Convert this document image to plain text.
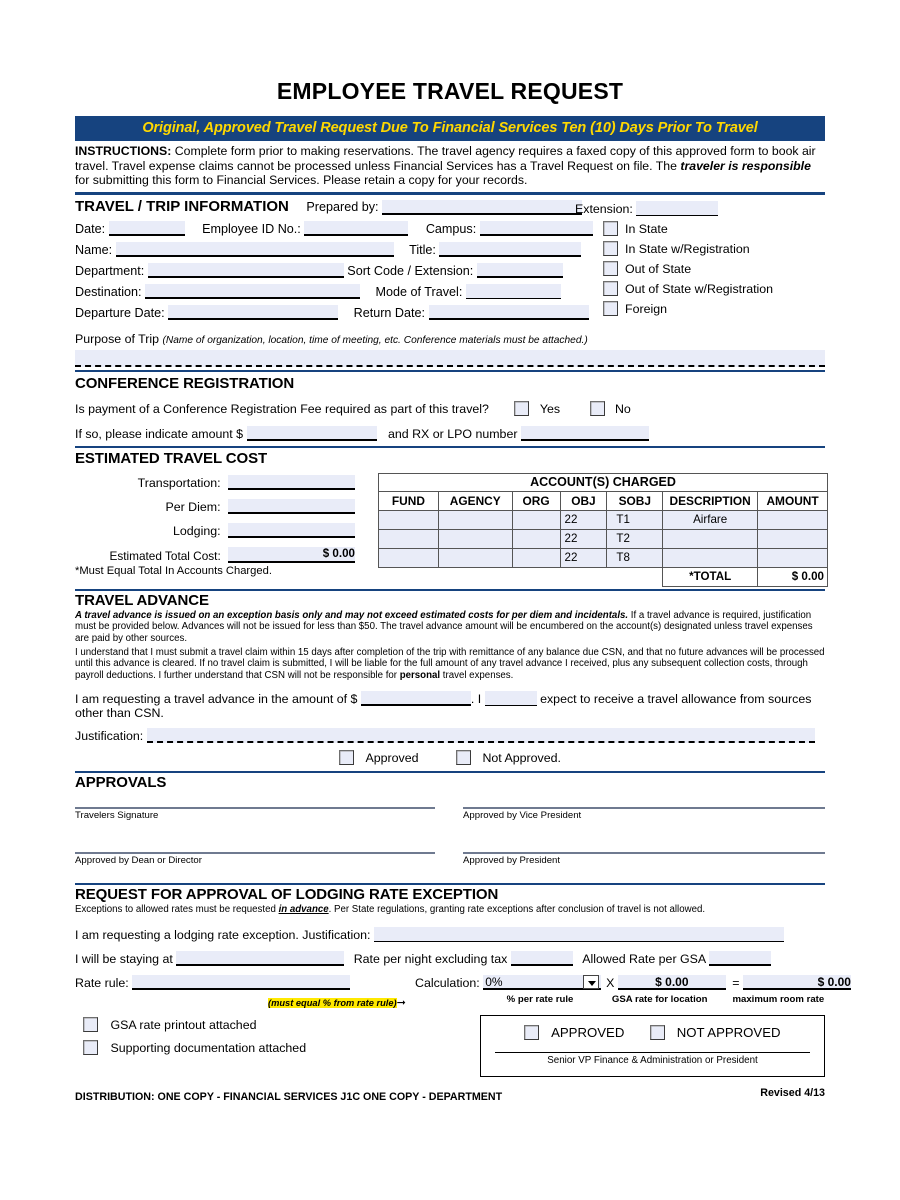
EMPLOYEE TRAVEL REQUEST
Original, Approved Travel Request Due To Financial Services Ten (10) Days Prior To Travel
INSTRUCTIONS: Complete form prior to making reservations. The travel agency requires a faxed copy of this approved form to book air travel. Travel expense claims cannot be processed unless Financial Services has a Travel Request on file. The traveler is responsible for submitting this form to Financial Services. Please retain a copy for your records.
TRAVEL / TRIP INFORMATION Prepared by:
Date:	Employee ID No.:	Campus:
Name:	Title:
Department:	Sort Code / Extension:
Destination:	Mode of Travel:
Departure Date:	Return Date:
Extension:
In State
In State w/Registration
Out of State
Out of State w/Registration
Foreign
Purpose of Trip (Name of organization, location, time of meeting, etc. Conference materials must be attached.)
CONFERENCE REGISTRATION
Is payment of a Conference Registration Fee required as part of this travel?	Yes	No
If so, please indicate amount $	and RX or LPO number
ESTIMATED TRAVEL COST
Transportation:
Per Diem:
Lodging:
Estimated Total Cost:	$ 0.00
*Must Equal Total In Accounts Charged.
ACCOUNT(S) CHARGED						
FUND	AGENCY	ORG	OBJ	SOBJ	DESCRIPTION	AMOUNT
			22	T1	Airfare	
			22	T2		
			22	T8		
					*TOTAL	$ 0.00
TRAVEL ADVANCE
A travel advance is issued on an exception basis only and may not exceed estimated costs for per diem and incidentals. If a travel advance is required, justification must be provided below. Advances will not be issued for less than $50. The travel advance amount will be encumbered on the account(s) designated unless travel expenses are paid by other sources.
I understand that I must submit a travel claim within 15 days after completion of the trip with remittance of any balance due CSN, and that no future advances will be processed until this advance is cleared. If no travel claim is submitted, I will be liable for the full amount of any travel advance I received, plus any subsequent collection costs, through payroll deductions. I further understand that CSN will not be responsible for personal travel expenses.
I am requesting a travel advance in the amount of $	. I	expect to receive a travel allowance from sources other than CSN.
Justification:
Approved	Not Approved.
APPROVALS
Travelers Signature	Approved by Vice President
Approved by Dean or Director	Approved by President
REQUEST FOR APPROVAL OF LODGING RATE EXCEPTION
Exceptions to allowed rates must be requested in advance. Per State regulations, granting rate exceptions after conclusion of travel is not allowed.
I am requesting a lodging rate exception. Justification:
I will be staying at	Rate per night excluding tax	Allowed Rate per GSA
Rate rule:
(must equal % from rate rule)➞
Calculation: 0%	X	$ 0.00	=	$ 0.00
% per rate rule	GSA rate for location	maximum room rate
GSA rate printout attached
Supporting documentation attached
APPROVED	NOT APPROVED
Senior VP Finance & Administration or President
DISTRIBUTION: ONE COPY - FINANCIAL SERVICES J1C ONE COPY - DEPARTMENT	Revised 4/13
